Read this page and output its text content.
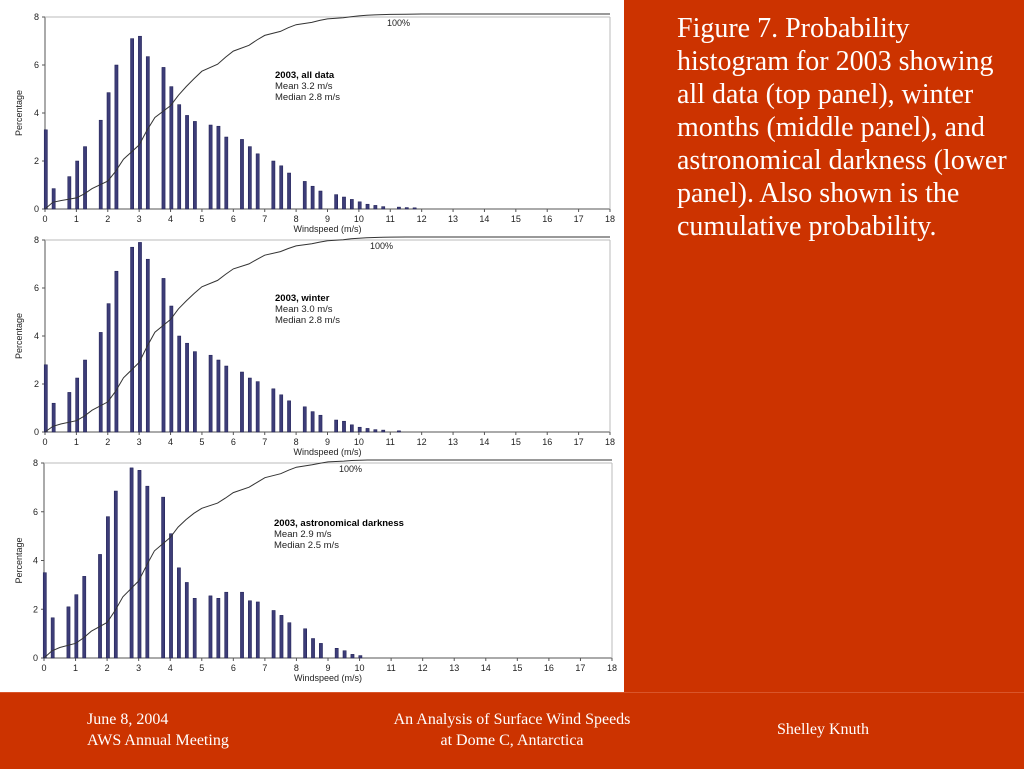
0
2
4
6
8
0	1	2	3	4	5	6	7	8	9	10 11 12 13 14 15 16 17 18
Windspeed (m/s)
Percentage
100%
2003, all data
Mean 3.2 m/s
Median 2.8 m/s
0
2
4
6
8
0	1	2	3	4	5	6	7	8	9	10 11 12 13 14 15 16 17 18
Windspeed (m/s)
Percentage
100%
2003, winter
Mean 3.0 m/s
Median 2.8 m/s
0
2
4
6
8
0	1	2	3	4	5	6	7	8	9	10 11 12 13 14 15 16 17 18
Windspeed (m/s)
Percentage
100%
2003, astronomical darkness
Mean 2.9 m/s
Median 2.5 m/s
Figure 7. Probability histogram for 2003 showing all data (top panel), winter months (middle panel), and astronomical darkness (lower panel). Also shown is the cumulative probability.
June 8, 2004
AWS Annual Meeting
An Analysis of Surface Wind Speeds
at Dome C, Antarctica
Shelley Knuth
